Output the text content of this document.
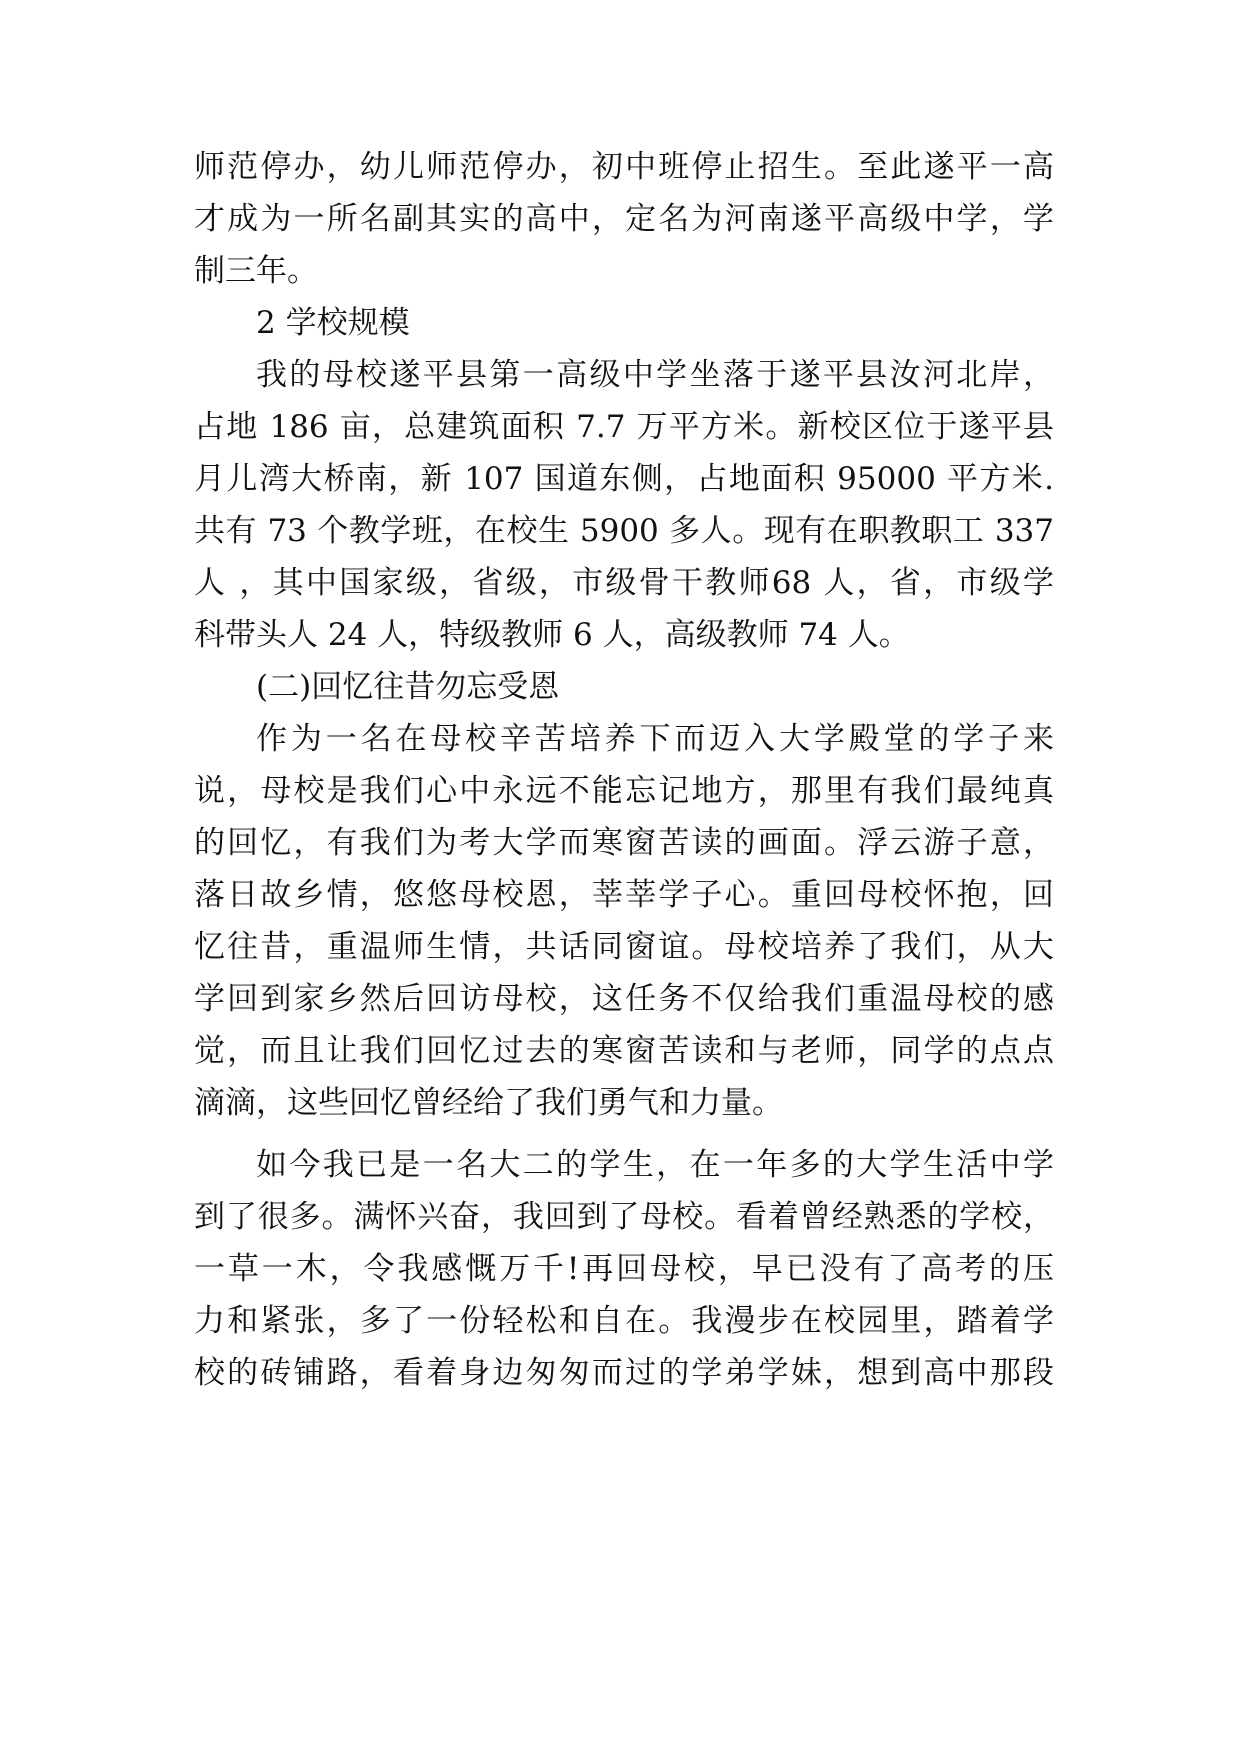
师范停办，幼儿师范停办，初中班停止招生。至此遂平一高

才成为一所名副其实的高中，定名为河南遂平高级中学，学

制三年。

2 学校规模

我的母校遂平县第一高级中学坐落于遂平县汝河北岸，

占地 186 亩，总建筑面积 7.7 万平方米。新校区位于遂平县

月儿湾大桥南，新 107 国道东侧，占地面积 95000 平方米.

共有 73 个教学班，在校生 5900 多人。现有在职教职工 337

人 ，其中国家级，省级，市级骨干教师68 人，省，市级学

科带头人 24 人，特级教师 6 人，高级教师 74 人。

(二)回忆往昔勿忘受恩

作为一名在母校辛苦培养下而迈入大学殿堂的学子来

说，母校是我们心中永远不能忘记地方，那里有我们最纯真

的回忆，有我们为考大学而寒窗苦读的画面。浮云游子意，

落日故乡情，悠悠母校恩，莘莘学子心。重回母校怀抱，回

忆往昔，重温师生情，共话同窗谊。母校培养了我们，从大

学回到家乡然后回访母校，这任务不仅给我们重温母校的感

觉，而且让我们回忆过去的寒窗苦读和与老师，同学的点点

滴滴，这些回忆曾经给了我们勇气和力量。

如今我已是一名大二的学生，在一年多的大学生活中学

到了很多。满怀兴奋，我回到了母校。看着曾经熟悉的学校，

一草一木，令我感慨万千!再回母校，早已没有了高考的压

力和紧张，多了一份轻松和自在。我漫步在校园里，踏着学

校的砖铺路，看着身边匆匆而过的学弟学妹，想到高中那段
